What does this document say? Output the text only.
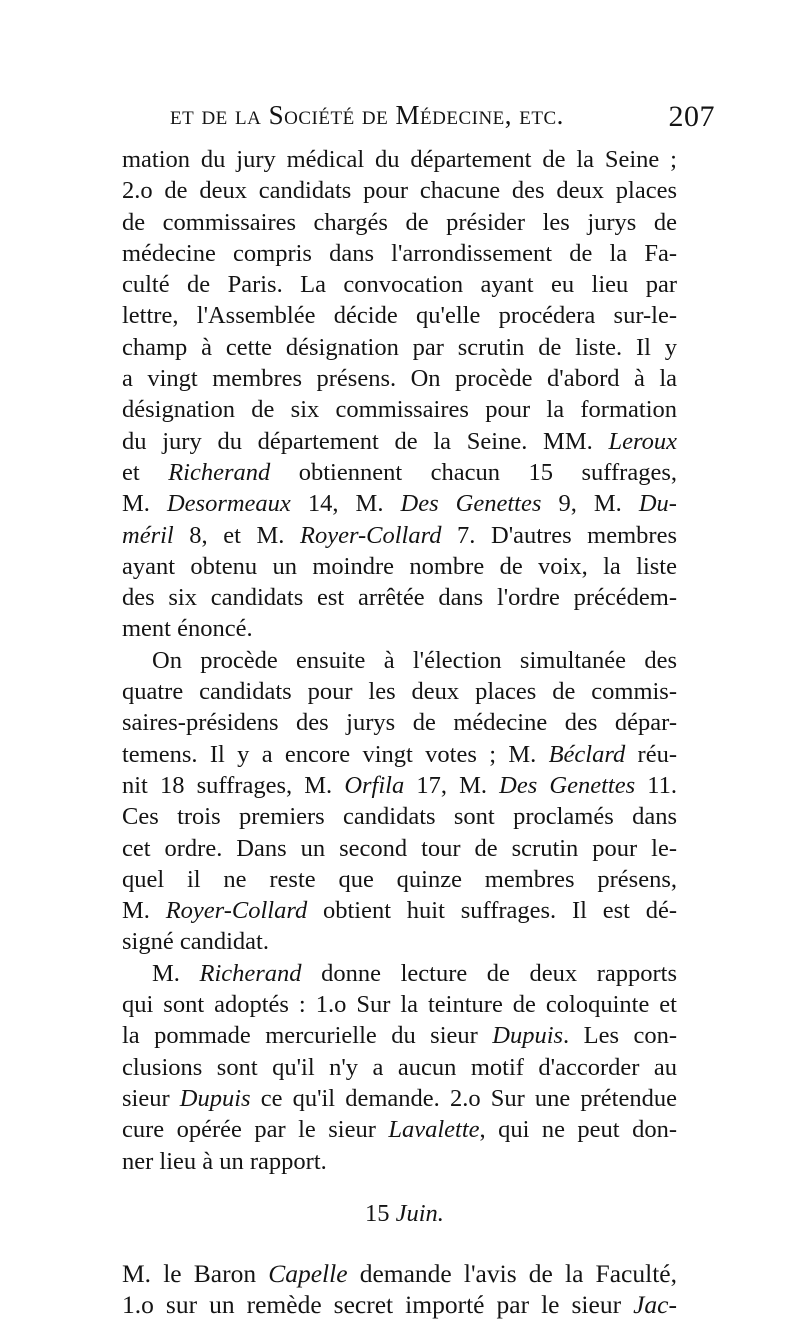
et de la Société de Médecine, etc.	207
mation du jury médical du département de la Seine ;
2.o de deux candidats pour chacune des deux places
de commissaires chargés de présider les jurys de
médecine compris dans l'arrondissement de la Fa-
culté de Paris. La convocation ayant eu lieu par
lettre, l'Assemblée décide qu'elle procédera sur-le-
champ à cette désignation par scrutin de liste. Il y
a vingt membres présens. On procède d'abord à la
désignation de six commissaires pour la formation
du jury du département de la Seine. MM. Leroux
et Richerand obtiennent chacun 15 suffrages,
M. Desormeaux 14, M. Des Genettes 9, M. Du-
méril 8, et M. Royer-Collard 7. D'autres membres
ayant obtenu un moindre nombre de voix, la liste
des six candidats est arrêtée dans l'ordre précédem-
ment énoncé.
On procède ensuite à l'élection simultanée des
quatre candidats pour les deux places de commis-
saires-présidens des jurys de médecine des dépar-
temens. Il y a encore vingt votes ; M. Béclard réu-
nit 18 suffrages, M. Orfila 17, M. Des Genettes 11.
Ces trois premiers candidats sont proclamés dans
cet ordre. Dans un second tour de scrutin pour le-
quel il ne reste que quinze membres présens,
M. Royer-Collard obtient huit suffrages. Il est dé-
signé candidat.
M. Richerand donne lecture de deux rapports
qui sont adoptés : 1.o Sur la teinture de coloquinte et
la pommade mercurielle du sieur Dupuis. Les con-
clusions sont qu'il n'y a aucun motif d'accorder au
sieur Dupuis ce qu'il demande. 2.o Sur une prétendue
cure opérée par le sieur Lavalette, qui ne peut don-
ner lieu à un rapport.
15 Juin.
M. le Baron Capelle demande l'avis de la Faculté,
1.o sur un remède secret importé par le sieur Jac-
